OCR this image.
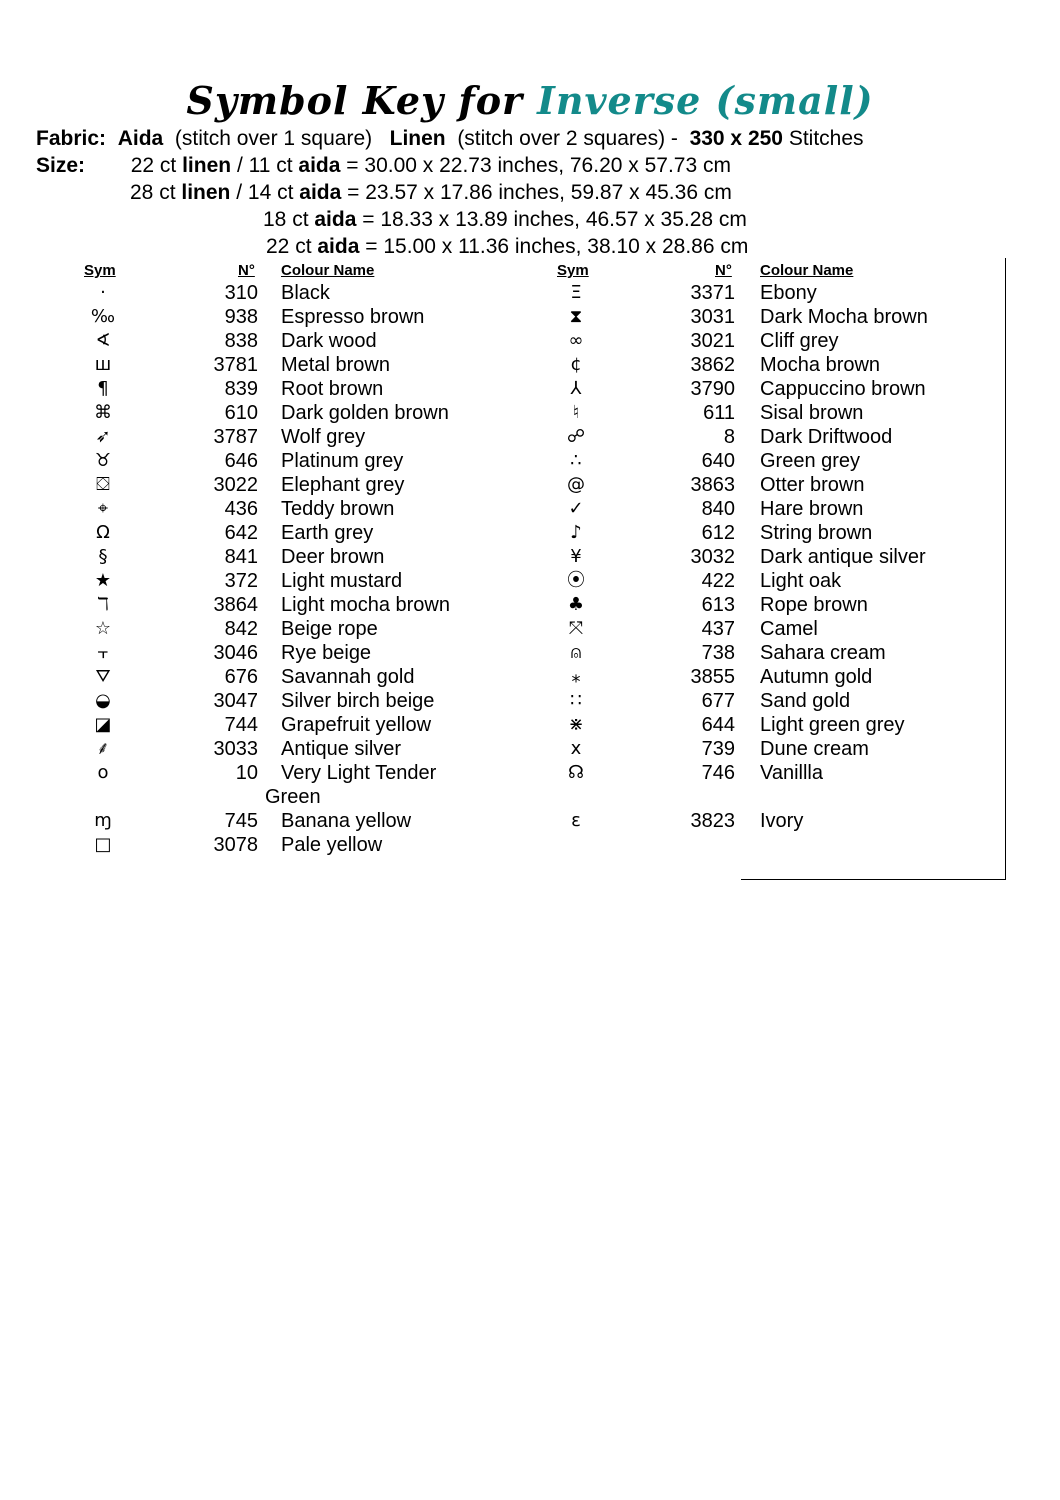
Symbol Key for Inverse (small)
Fabric: Aida (stitch over 1 square) Linen (stitch over 2 squares) - 330 x 250 Stitches
Size: 22 ct linen / 11 ct aida = 30.00 x 22.73 inches, 76.20 x 57.73 cm
28 ct linen / 14 ct aida = 23.57 x 17.86 inches, 59.87 x 45.36 cm
18 ct aida = 18.33 x 13.89 inches, 46.57 x 35.28 cm
22 ct aida = 15.00 x 11.36 inches, 38.10 x 28.86 cm
Sym	N° Colour Name	Sym	N° Colour Name
·	310 Black
‰	938 Espresso brown
∢	838 Dark wood
ш	3781 Metal brown
¶	839 Root brown
⌘	610 Dark golden brown
➶	3787 Wolf grey
♉	646 Platinum grey
⛋	3022 Elephant grey
⌖	436 Teddy brown
Ω	642 Earth grey
§	841 Deer brown
★	372 Light mustard
ℸ	3864 Light mocha brown
☆	842 Beige rope
⫟	3046 Rye beige
⛛	676 Savannah gold
◒	3047 Silver birch beige
◪	744 Grapefruit yellow
⸙	3033 Antique silver
o	10 Very Light Tender
Green
ɱ	745 Banana yellow
□	3078 Pale yellow
Ξ	3371 Ebony
⧗	3031 Dark Mocha brown
∞	3021 Cliff grey
¢	3862 Mocha brown
⅄	3790 Cappuccino brown
♮	611 Sisal brown
☍	8 Dark Driftwood
∴	640 Green grey
@	3863 Otter brown
✓	840 Hare brown
♪	612 String brown
¥	3032 Dark antique silver
⦿	422 Light oak
♣	613 Rope brown
⤧	437 Camel
⍝	738 Sahara cream
⁎	3855 Autumn gold
∷	677 Sand gold
⋇	644 Light green grey
x	739 Dune cream
☊	746 Vanillla
ɛ	3823 Ivory
